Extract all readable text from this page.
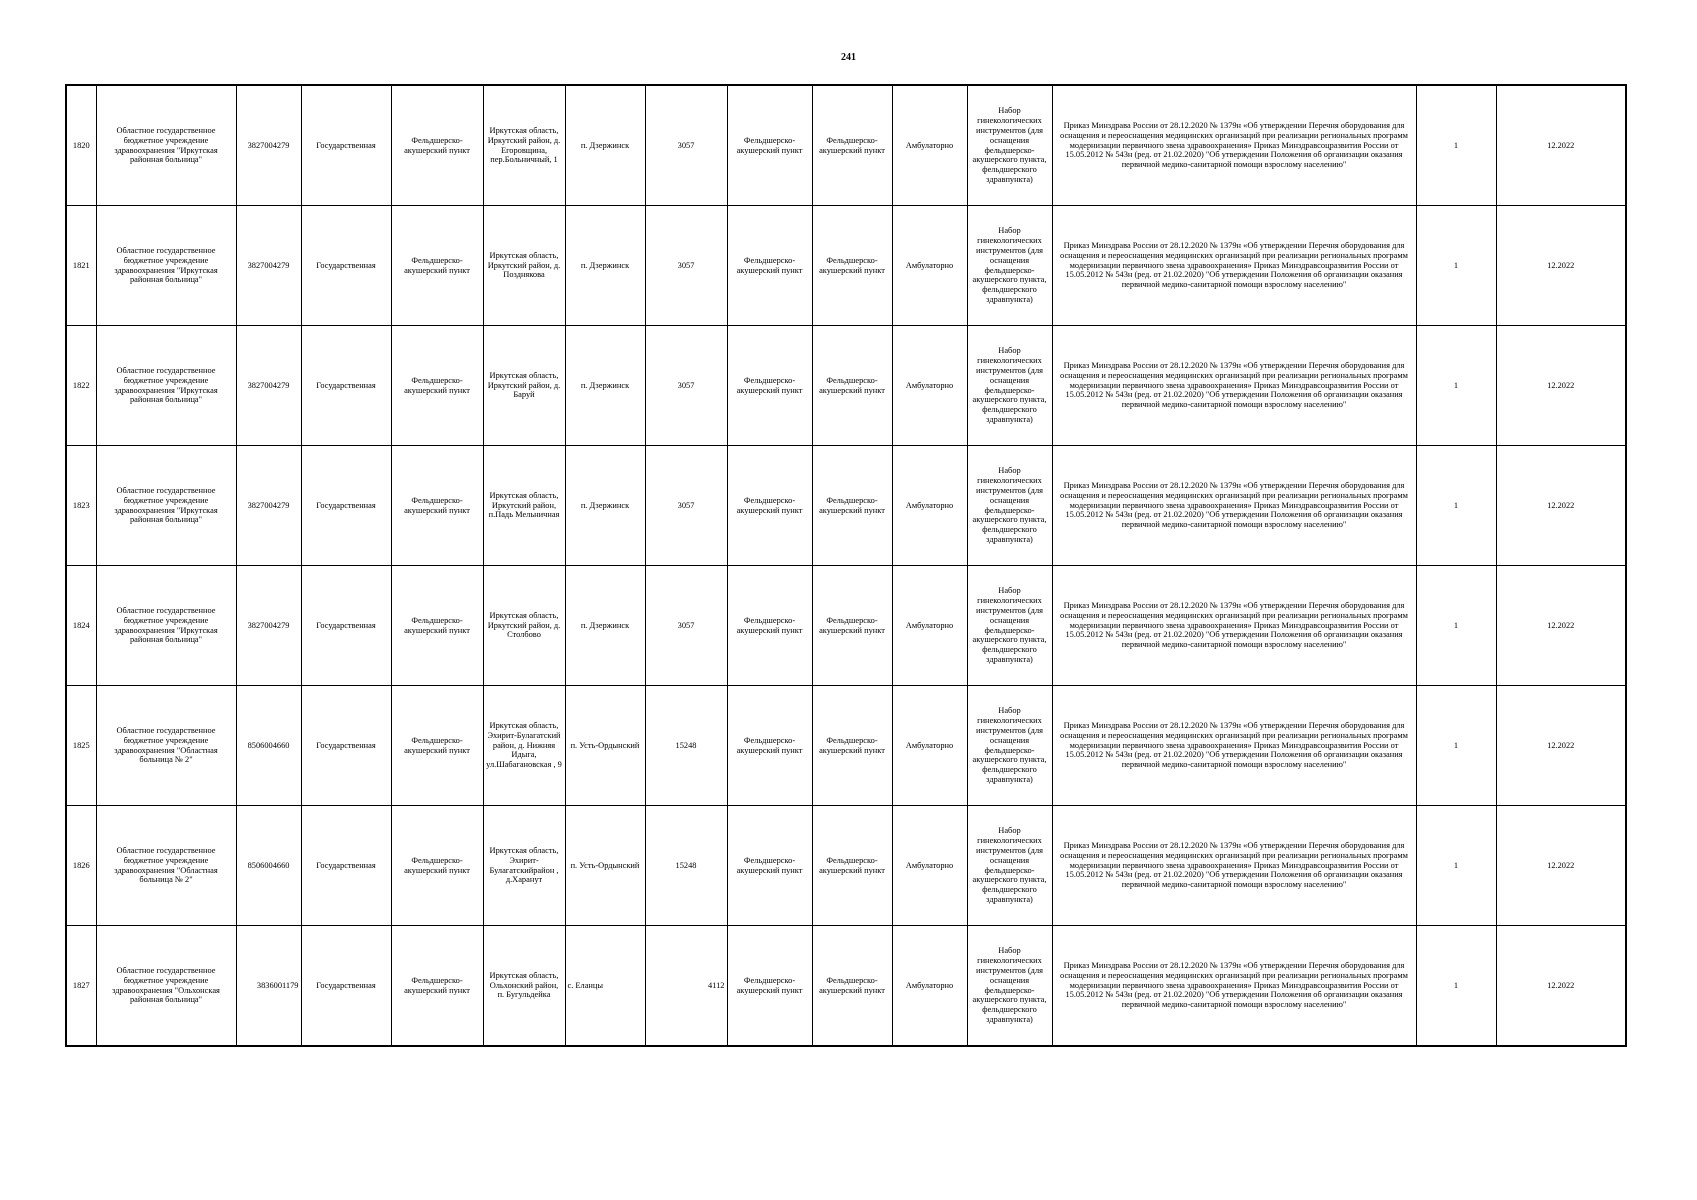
241
1820	Областное государственное бюджетное учреждение здравоохранения "Иркутская районная больница"	3827004279	Государственная	Фельдшерско-акушерский пункт	Иркутская область, Иркутский район, д. Егоровщина, пер.Больничный, 1	п. Дзержинск	3057	Фельдшерско-акушерский пункт	Фельдшерско-акушерский пункт	Амбулаторно	Набор гинекологических инструментов (для оснащения фельдшерско-акушерского пункта, фельдшерского здравпункта)	Приказ Минздрава России от 28.12.2020 № 1379н «Об утверждении Перечня оборудования для оснащения и переоснащения медицинских организаций при реализации региональных программ модернизации первичного звена здравоохранения» Приказ Минздравсоцразвития России от 15.05.2012 № 543н (ред. от 21.02.2020) "Об утверждении Положения об организации оказания первичной медико-санитарной помощи взрослому населению"	1	12.2022
1821	Областное государственное бюджетное учреждение здравоохранения "Иркутская районная больница"	3827004279	Государственная	Фельдшерско-акушерский пункт	Иркутская область, Иркутский район, д. Позднякова	п. Дзержинск	3057	Фельдшерско-акушерский пункт	Фельдшерско-акушерский пункт	Амбулаторно	Набор гинекологических инструментов (для оснащения фельдшерско-акушерского пункта, фельдшерского здравпункта)	Приказ Минздрава России от 28.12.2020 № 1379н «Об утверждении Перечня оборудования для оснащения и переоснащения медицинских организаций при реализации региональных программ модернизации первичного звена здравоохранения» Приказ Минздравсоцразвития России от 15.05.2012 № 543н (ред. от 21.02.2020) "Об утверждении Положения об организации оказания первичной медико-санитарной помощи взрослому населению"	1	12.2022
1822	Областное государственное бюджетное учреждение здравоохранения "Иркутская районная больница"	3827004279	Государственная	Фельдшерско-акушерский пункт	Иркутская область, Иркутский район, д. Баруй	п. Дзержинск	3057	Фельдшерско-акушерский пункт	Фельдшерско-акушерский пункт	Амбулаторно	Набор гинекологических инструментов (для оснащения фельдшерско-акушерского пункта, фельдшерского здравпункта)	Приказ Минздрава России от 28.12.2020 № 1379н «Об утверждении Перечня оборудования для оснащения и переоснащения медицинских организаций при реализации региональных программ модернизации первичного звена здравоохранения» Приказ Минздравсоцразвития России от 15.05.2012 № 543н (ред. от 21.02.2020) "Об утверждении Положения об организации оказания первичной медико-санитарной помощи взрослому населению"	1	12.2022
1823	Областное государственное бюджетное учреждение здравоохранения "Иркутская районная больница"	3827004279	Государственная	Фельдшерско-акушерский пункт	Иркутская область, Иркутский район, п.Падь Мельничная	п. Дзержинск	3057	Фельдшерско-акушерский пункт	Фельдшерско-акушерский пункт	Амбулаторно	Набор гинекологических инструментов (для оснащения фельдшерско-акушерского пункта, фельдшерского здравпункта)	Приказ Минздрава России от 28.12.2020 № 1379н «Об утверждении Перечня оборудования для оснащения и переоснащения медицинских организаций при реализации региональных программ модернизации первичного звена здравоохранения» Приказ Минздравсоцразвития России от 15.05.2012 № 543н (ред. от 21.02.2020) "Об утверждении Положения об организации оказания первичной медико-санитарной помощи взрослому населению"	1	12.2022
1824	Областное государственное бюджетное учреждение здравоохранения "Иркутская районная больница"	3827004279	Государственная	Фельдшерско-акушерский пункт	Иркутская область, Иркутский район, д. Столбово	п. Дзержинск	3057	Фельдшерско-акушерский пункт	Фельдшерско-акушерский пункт	Амбулаторно	Набор гинекологических инструментов (для оснащения фельдшерско-акушерского пункта, фельдшерского здравпункта)	Приказ Минздрава России от 28.12.2020 № 1379н «Об утверждении Перечня оборудования для оснащения и переоснащения медицинских организаций при реализации региональных программ модернизации первичного звена здравоохранения» Приказ Минздравсоцразвития России от 15.05.2012 № 543н (ред. от 21.02.2020) "Об утверждении Положения об организации оказания первичной медико-санитарной помощи взрослому населению"	1	12.2022
1825	Областное государственное бюджетное учреждение здравоохранения "Областная больница № 2"	8506004660	Государственная	Фельдшерско-акушерский пункт	Иркутская область, Эхирит-Булагатский район, д. Нижняя Идыга, ул.Шабагановская , 9	п. Усть-Ордынский	15248	Фельдшерско-акушерский пункт	Фельдшерско-акушерский пункт	Амбулаторно	Набор гинекологических инструментов (для оснащения фельдшерско-акушерского пункта, фельдшерского здравпункта)	Приказ Минздрава России от 28.12.2020 № 1379н «Об утверждении Перечня оборудования для оснащения и переоснащения медицинских организаций при реализации региональных программ модернизации первичного звена здравоохранения» Приказ Минздравсоцразвития России от 15.05.2012 № 543н (ред. от 21.02.2020) "Об утверждении Положения об организации оказания первичной медико-санитарной помощи взрослому населению"	1	12.2022
1826	Областное государственное бюджетное учреждение здравоохранения "Областная больница № 2"	8506004660	Государственная	Фельдшерско-акушерский пункт	Иркутская область, Эхирит-Булагатскийрайон , д.Харанут	п. Усть-Ордынский	15248	Фельдшерско-акушерский пункт	Фельдшерско-акушерский пункт	Амбулаторно	Набор гинекологических инструментов (для оснащения фельдшерско-акушерского пункта, фельдшерского здравпункта)	Приказ Минздрава России от 28.12.2020 № 1379н «Об утверждении Перечня оборудования для оснащения и переоснащения медицинских организаций при реализации региональных программ модернизации первичного звена здравоохранения» Приказ Минздравсоцразвития России от 15.05.2012 № 543н (ред. от 21.02.2020) "Об утверждении Положения об организации оказания первичной медико-санитарной помощи взрослому населению"	1	12.2022
1827	Областное государственное бюджетное учреждение здравоохранения "Ольхонская районная больница"	3836001179	Государственная	Фельдшерско-акушерский пункт	Иркутская область, Ольхонский район, п. Бугульдейка	с. Еланцы	4112	Фельдшерско-акушерский пункт	Фельдшерско-акушерский пункт	Амбулаторно	Набор гинекологических инструментов (для оснащения фельдшерско-акушерского пункта, фельдшерского здравпункта)	Приказ Минздрава России от 28.12.2020 № 1379н «Об утверждении Перечня оборудования для оснащения и переоснащения медицинских организаций при реализации региональных программ модернизации первичного звена здравоохранения» Приказ Минздравсоцразвития России от 15.05.2012 № 543н (ред. от 21.02.2020) "Об утверждении Положения об организации оказания первичной медико-санитарной помощи взрослому населению"	1	12.2022
